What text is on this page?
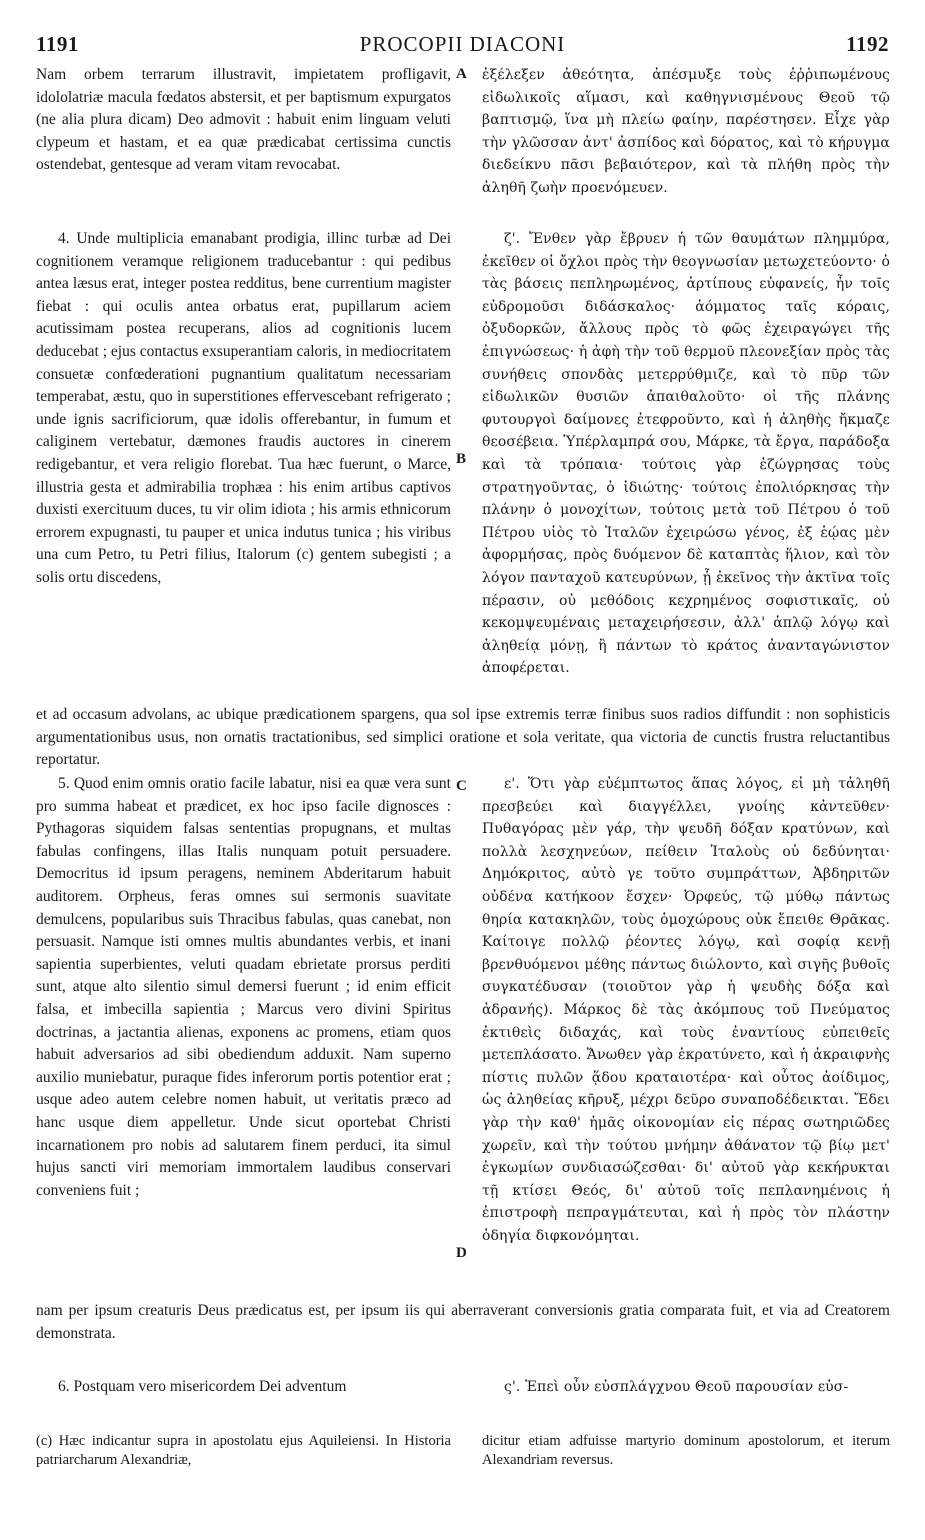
1191	PROCOPII DIACONI	1192

Nam orbem terrarum illustravit, impietatem profligavit, idololatriæ macula fœdatos abstersit, et per baptismum expurgatos (ne alia plura dicam) Deo admovit : habuit enim linguam veluti clypeum et hastam, et ea quæ prædicabat certissima cunctis ostendebat, gentesque ad veram vitam revocabat.

A ἐξέλεξεν ἀθεότητα, ἀπέσμυξε τοὺς ἐῤῥιπωμένους εἰδωλικοῖς αἵμασι, καὶ καθηγνισμένους Θεοῦ τῷ βαπτισμῷ, ἵνα μὴ πλείω φαίην, παρέστησεν. Εἶχε γὰρ τὴν γλῶσσαν ἀντ' ἀσπίδος καὶ δόρατος, καὶ τὸ κήρυγμα διεδείκνυ πᾶσι βεβαιότερον, καὶ τὰ πλήθη πρὸς τὴν ἀληθῆ ζωὴν προενόμευεν.

4. Unde multiplicia emanabant prodigia, illinc turbæ ad Dei cognitionem veramque religionem traducebantur : qui pedibus antea læsus erat, integer postea redditus, bene currentium magister fiebat : qui oculis antea orbatus erat, pupillarum aciem acutissimam postea recuperans, alios ad cognitionis lucem deducebat ; ejus contactus exsuperantiam caloris, in mediocritatem consuetæ confœderationi pugnantium qualitatum necessariam temperabat, æstu, quo in superstitiones effervescebant refrigerato ; unde ignis sacrificiorum, quæ idolis offerebantur, in fumum et caliginem vertebatur, dæmones fraudis auctores in cinerem redigebantur, et vera religio florebat. Tua hæc fuerunt, o Marce, illustria gesta et admirabilia trophæa : his enim artibus captivos duxisti exercituum duces, tu vir olim idiota ; his armis ethnicorum errorem expugnasti, tu pauper et unica indutus tunica ; his viribus una cum Petro, tu Petri filius, Italorum (c) gentem subegisti ; a solis ortu discedens,

B

ζ'. Ἔνθεν γὰρ ἔβρυεν ἡ τῶν θαυμάτων πλημμύρα, ἐκεῖθεν οἱ ὄχλοι πρὸς τὴν θεογνωσίαν μετωχετεύοντο· ὁ τὰς βάσεις πεπληρωμένος, ἀρτίπους εὐφανείς, ἦν τοῖς εὐδρομοῦσι διδάσκαλος· ἀόμματος ταῖς κόραις, ὀξυδορκῶν, ἄλλους πρὸς τὸ φῶς ἐχειραγώγει τῆς ἐπιγνώσεως· ἡ ἀφὴ τὴν τοῦ θερμοῦ πλεονεξίαν πρὸς τὰς συνήθεις σπονδὰς μετερρύθμιζε, καὶ τὸ πῦρ τῶν εἰδωλικῶν θυσιῶν ἀπαιθαλοῦτο· οἱ τῆς πλάνης φυτουργοὶ δαίμονες ἐτεφροῦντο, καὶ ἡ ἀληθὴς ἤκμαζε θεοσέβεια. Ὑπέρλαμπρά σου, Μάρκε, τὰ ἔργα, παράδοξα καὶ τὰ τρόπαια· τούτοις γὰρ ἐζώγρησας τοὺς στρατηγοῦντας, ὁ ἰδιώτης· τούτοις ἐπολιόρκησας τὴν πλάνην ὁ μονοχίτων, τούτοις μετὰ τοῦ Πέτρου ὁ τοῦ Πέτρου υἱὸς τὸ Ἰταλῶν ἐχειρώσω γένος, ἐξ ἑῴας μὲν ἀφορμήσας, πρὸς δυόμενον δὲ καταπτὰς ἥλιον, καὶ τὸν λόγον πανταχοῦ κατευρύνων, ᾗ ἐκεῖνος τὴν ἀκτῖνα τοῖς πέρασιν, οὐ μεθόδοις κεχρημένος σοφιστικαῖς, οὐ κεκομψευμέναις μεταχειρήσεσιν, ἀλλ' ἁπλῷ λόγῳ καὶ ἀληθείᾳ μόνῃ, ἢ πάντων τὸ κράτος ἀνανταγώνιστον ἀποφέρεται.

et ad occasum advolans, ac ubique prædicationem spargens, qua sol ipse extremis terræ finibus suos radios diffundit : non sophisticis argumentationibus usus, non ornatis tractationibus, sed simplici oratione et sola veritate, qua victoria de cunctis frustra reluctantibus reportatur.

5. Quod enim omnis oratio facile labatur, nisi ea quæ vera sunt pro summa habeat et prædicet, ex hoc ipso facile dignosces : Pythagoras siquidem falsas sententias propugnans, et multas fabulas confingens, illas Italis nunquam potuit persuadere. Democritus id ipsum peragens, neminem Abderitarum habuit auditorem. Orpheus, feras omnes sui sermonis suavitate demulcens, popularibus suis Thracibus fabulas, quas canebat, non persuasit. Namque isti omnes multis abundantes verbis, et inani sapientia superbientes, veluti quadam ebrietate prorsus perditi sunt, atque alto silentio simul demersi fuerunt ; id enim efficit falsa, et imbecilla sapientia ; Marcus vero divini Spiritus doctrinas, a jactantia alienas, exponens ac promens, etiam quos habuit adversarios ad sibi obediendum adduxit. Nam superno auxilio muniebatur, puraque fides inferorum portis potentior erat ; usque adeo autem celebre nomen habuit, ut veritatis præco ad hanc usque diem appelletur. Unde sicut oportebat Christi incarnationem pro nobis ad salutarem finem perduci, ita simul hujus sancti viri memoriam immortalem laudibus conservari conveniens fuit ;

C
D

ε'. Ὅτι γὰρ εὐέμπτωτος ἅπας λόγος, εἰ μὴ τἀληθῆ πρεσβεύει καὶ διαγγέλλει, γνοίης κἀντεῦθεν· Πυθαγόρας μὲν γάρ, τὴν ψευδῆ δόξαν κρατύνων, καὶ πολλὰ λεσχηνεύων, πείθειν Ἰταλοὺς οὐ δεδύνηται· Δημόκριτος, αὐτὸ γε τοῦτο συμπράττων, Ἀβδηριτῶν οὐδένα κατήκοον ἔσχεν· Ὀρφεύς, τῷ μύθῳ πάντως θηρία κατακηλῶν, τοὺς ὁμοχώρους οὐκ ἔπειθε Θρᾶκας. Καίτοιγε πολλῷ ῥέοντες λόγῳ, καὶ σοφίᾳ κενῇ βρενθυόμενοι μέθης πάντως διώλοντο, καὶ σιγῆς βυθοῖς συγκατέδυσαν (τοιοῦτον γὰρ ἡ ψευδὴς δόξα καὶ ἀδρανής). Μάρκος δὲ τὰς ἀκόμπους τοῦ Πνεύματος ἐκτιθεὶς διδαχάς, καὶ τοὺς ἐναντίους εὐπειθεῖς μετεπλάσατο. Ἄνωθεν γὰρ ἐκρατύνετο, καὶ ἡ ἀκραιφνὴς πίστις πυλῶν ᾅδου κραταιοτέρα· καὶ οὗτος ἀοίδιμος, ὡς ἀληθείας κῆρυξ, μέχρι δεῦρο συναποδέδεικται. Ἔδει γὰρ τὴν καθ' ἡμᾶς οἰκονομίαν εἰς πέρας σωτηριῶδες χωρεῖν, καὶ τὴν τούτου μνήμην ἀθάνατον τῷ βίῳ μετ' ἐγκωμίων συνδιασώζεσθαι· δι' αὐτοῦ γὰρ κεκήρυκται τῇ κτίσει Θεός, δι' αὐτοῦ τοῖς πεπλανημένοις ἡ ἐπιστροφὴ πεπραγμάτευται, καὶ ἡ πρὸς τὸν πλάστην ὁδηγία διφκονόμηται.

nam per ipsum creaturis Deus prædicatus est, per ipsum iis qui aberraverant conversionis gratia comparata fuit, et via ad Creatorem demonstrata.

6. Postquam vero misericordem Dei adventum	ς'. Ἐπεὶ οὖν εὐσπλάγχνου Θεοῦ παρουσίαν εὐσ-

(c) Hæc indicantur supra in apostolatu ejus Aquileiensi. In Historia patriarcharum Alexandriæ,
dicitur etiam adfuisse martyrio dominum apostolorum, et iterum Alexandriam reversus.
